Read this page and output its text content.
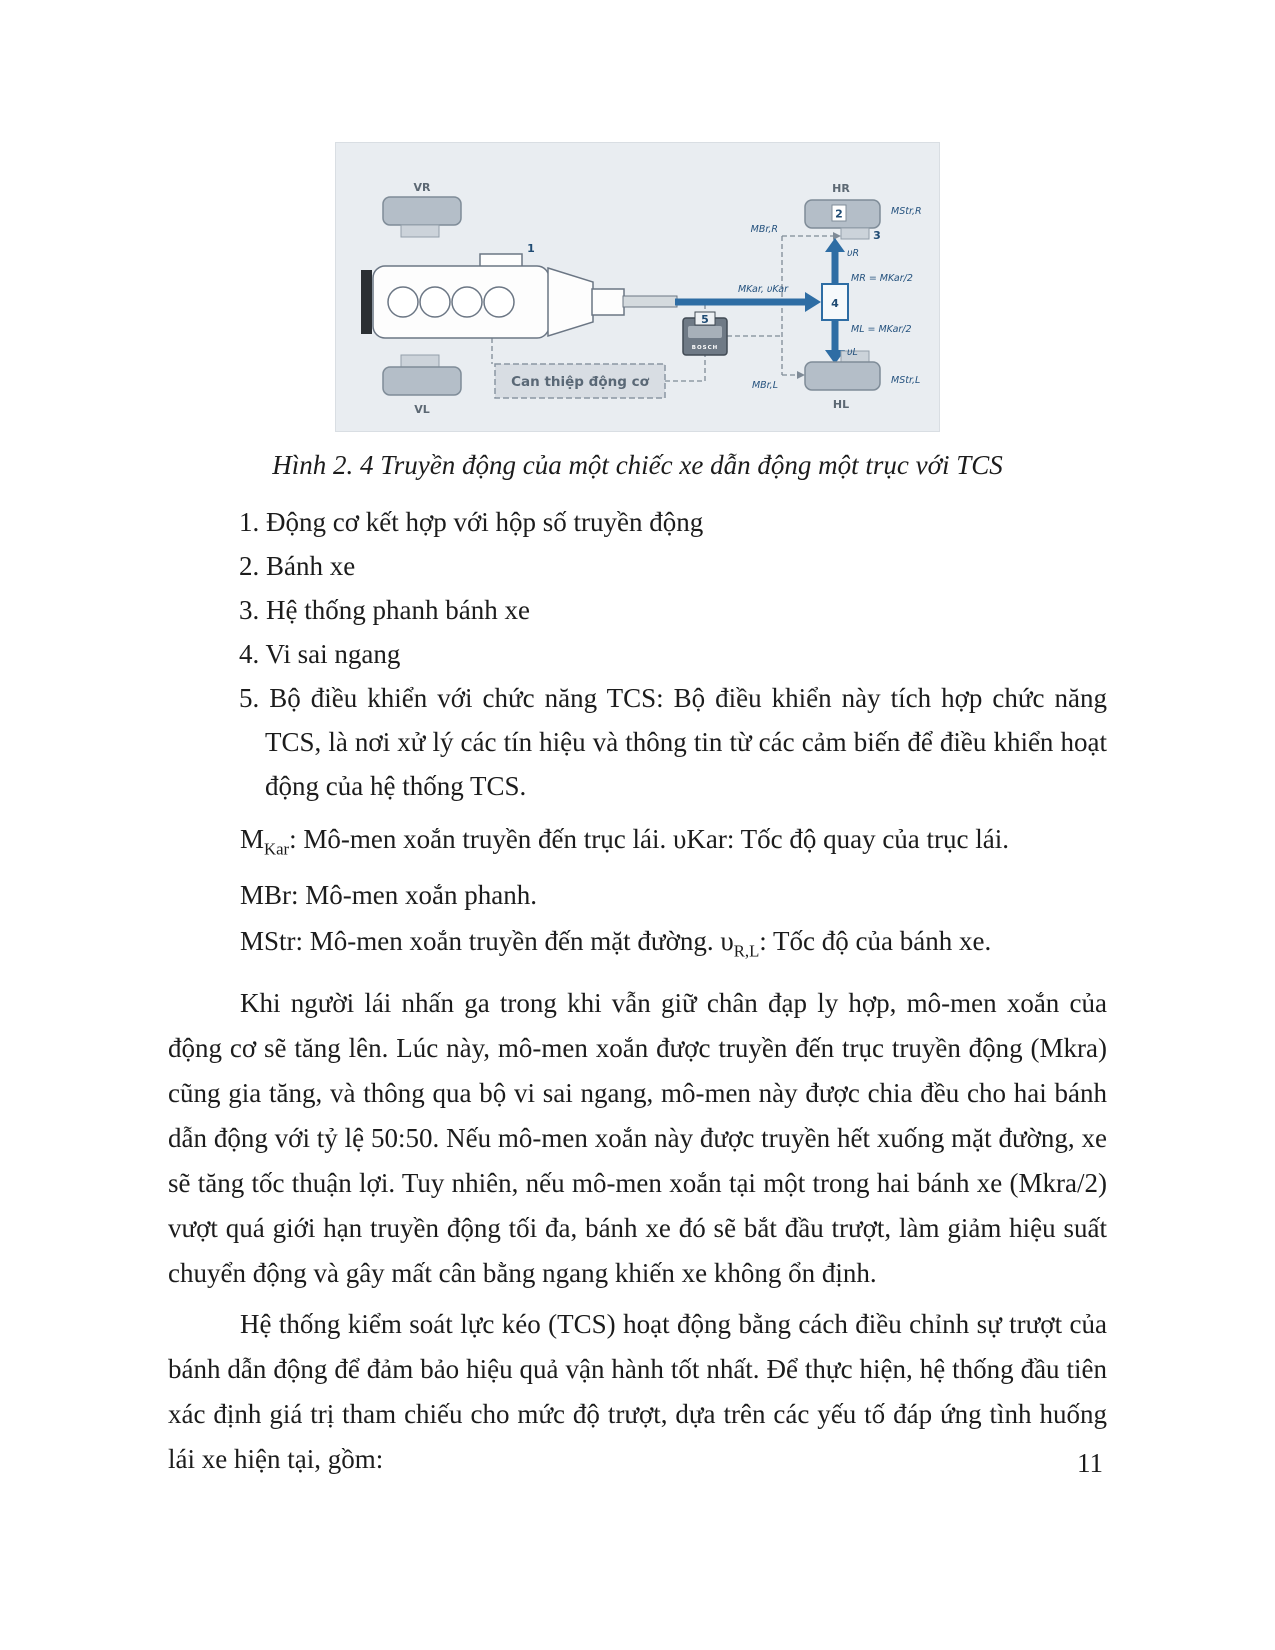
VR
VL
1
4
HR
2
3
HL
5
BOSCH
Can thiệp động cơ
MStr,R
MBr,R
υR
MR = MKar/2
ML = MKar/2
υL
MBr,L	MStr,L
MKar, υKar
Hình 2. 4 Truyền động của một chiếc xe dẫn động một trục với TCS
1. Động cơ kết hợp với hộp số truyền động
2. Bánh xe
3. Hệ thống phanh bánh xe
4. Vi sai ngang
5. Bộ điều khiển với chức năng TCS: Bộ điều khiển này tích hợp chức năng TCS, là nơi xử lý các tín hiệu và thông tin từ các cảm biến để điều khiển hoạt động của hệ thống TCS.

$M_{Kar}$: Mô-men xoắn truyền đến trục lái. υKar: Tốc độ quay của trục lái.

MBr: Mô-men xoắn phanh.

MStr: Mô-men xoắn truyền đến mặt đường. $\upsilon_{R,L}$: Tốc độ của bánh xe.

Khi người lái nhấn ga trong khi vẫn giữ chân đạp ly hợp, mô-men xoắn của động cơ sẽ tăng lên. Lúc này, mô-men xoắn được truyền đến trục truyền động (Mkra) cũng gia tăng, và thông qua bộ vi sai ngang, mô-men này được chia đều cho hai bánh dẫn động với tỷ lệ 50:50. Nếu mô-men xoắn này được truyền hết xuống mặt đường, xe sẽ tăng tốc thuận lợi. Tuy nhiên, nếu mô-men xoắn tại một trong hai bánh xe (Mkra/2) vượt quá giới hạn truyền động tối đa, bánh xe đó sẽ bắt đầu trượt, làm giảm hiệu suất chuyển động và gây mất cân bằng ngang khiến xe không ổn định.

Hệ thống kiểm soát lực kéo (TCS) hoạt động bằng cách điều chỉnh sự trượt của bánh dẫn động để đảm bảo hiệu quả vận hành tốt nhất. Để thực hiện, hệ thống đầu tiên xác định giá trị tham chiếu cho mức độ trượt, dựa trên các yếu tố đáp ứng tình huống lái xe hiện tại, gồm:	11
